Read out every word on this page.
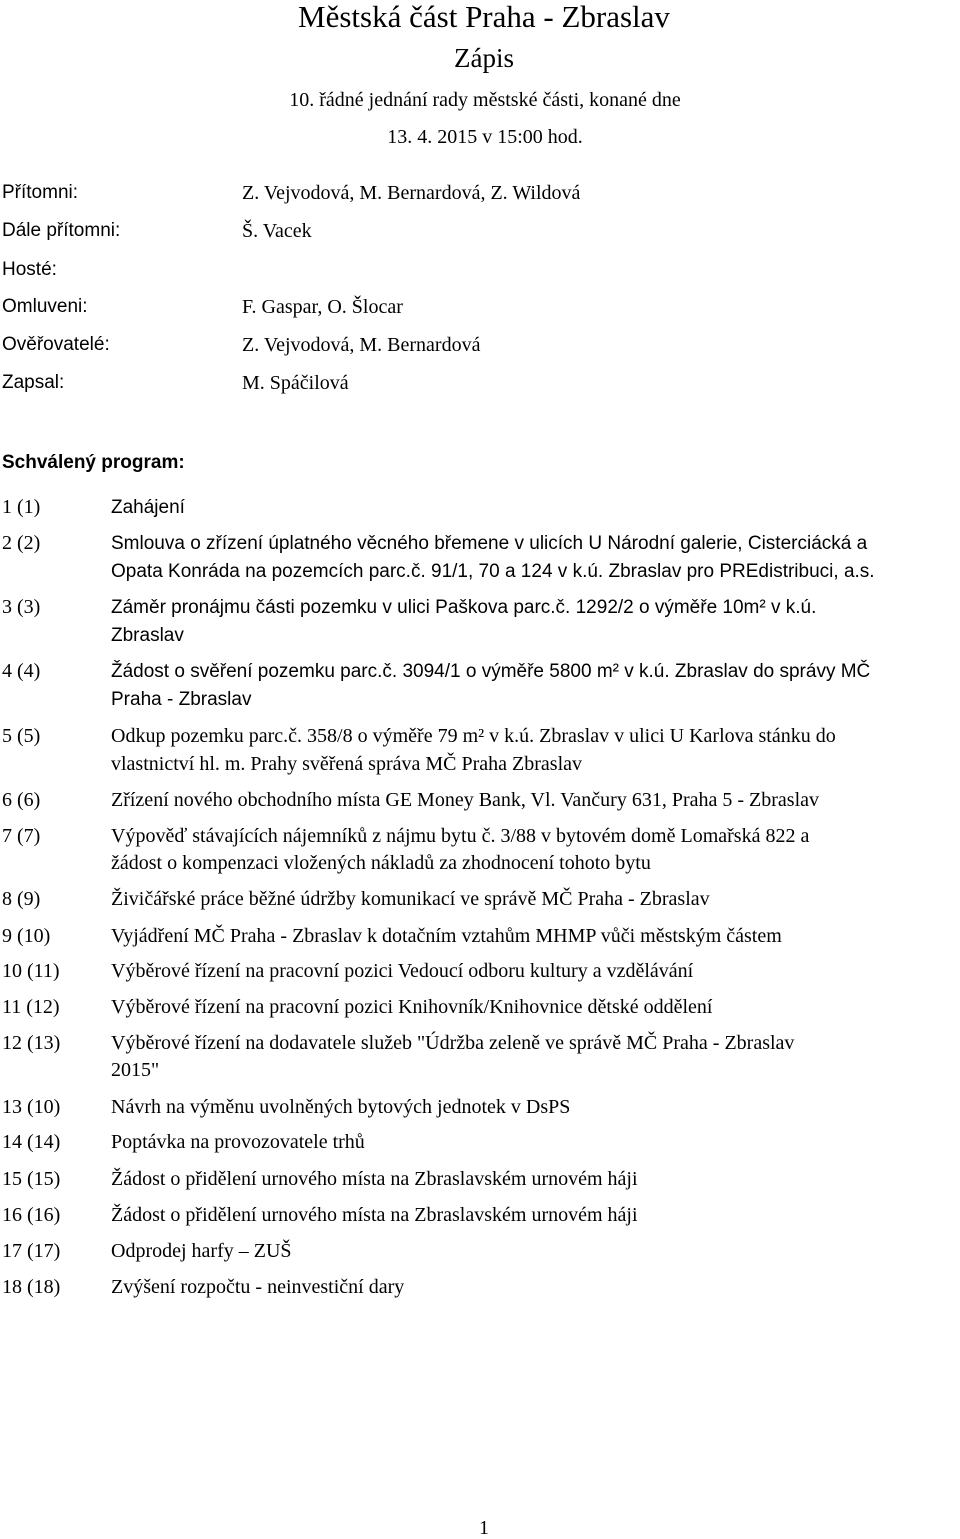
Městská část Praha - Zbraslav
Zápis
10. řádné jednání rady městské části, konané dne
13. 4. 2015 v 15:00 hod.
Přítomni:	Z. Vejvodová, M. Bernardová, Z. Wildová
Dále přítomni:	Š. Vacek
Hosté:
Omluveni:	F. Gaspar, O. Šlocar
Ověřovatelé:	Z. Vejvodová, M. Bernardová
Zapsal:	M. Spáčilová
Schválený program:
1 (1)	Zahájení
2 (2)	Smlouva o zřízení úplatného věcného břemene v ulicích U Národní galerie, Cisterciácká a
Opata Konráda na pozemcích parc.č. 91/1, 70 a 124 v k.ú. Zbraslav pro PREdistribuci, a.s.
3 (3)	Záměr pronájmu části pozemku v ulici Paškova parc.č. 1292/2 o výměře 10m² v k.ú.
Zbraslav
4 (4)	Žádost o svěření pozemku parc.č. 3094/1 o výměře 5800 m² v k.ú. Zbraslav do správy MČ
Praha - Zbraslav
5 (5)	Odkup pozemku parc.č. 358/8 o výměře 79 m² v k.ú. Zbraslav v ulici U Karlova stánku do
vlastnictví hl. m. Prahy svěřená správa MČ Praha Zbraslav
6 (6)	Zřízení nového obchodního místa GE Money Bank, Vl. Vančury 631, Praha 5 - Zbraslav
7 (7)	Výpověď stávajících nájemníků z nájmu bytu č. 3/88 v bytovém domě Lomařská 822 a
žádost o kompenzaci vložených nákladů za zhodnocení tohoto bytu
8 (9)	Živičářské práce běžné údržby komunikací ve správě MČ Praha - Zbraslav
9 (10)	Vyjádření MČ Praha - Zbraslav k dotačním vztahům MHMP vůči městským částem
10 (11)	Výběrové řízení na pracovní pozici Vedoucí odboru kultury a vzdělávání
11 (12)	Výběrové řízení na pracovní pozici Knihovník/Knihovnice dětské oddělení
12 (13)	Výběrové řízení na dodavatele služeb "Údržba zeleně ve správě MČ Praha - Zbraslav
2015"
13 (10)	Návrh na výměnu uvolněných bytových jednotek v DsPS
14 (14)	Poptávka na provozovatele trhů
15 (15)	Žádost o přidělení urnového místa na Zbraslavském urnovém háji
16 (16)	Žádost o přidělení urnového místa na Zbraslavském urnovém háji
17 (17)	Odprodej harfy – ZUŠ
18 (18)	Zvýšení rozpočtu - neinvestiční dary
1
